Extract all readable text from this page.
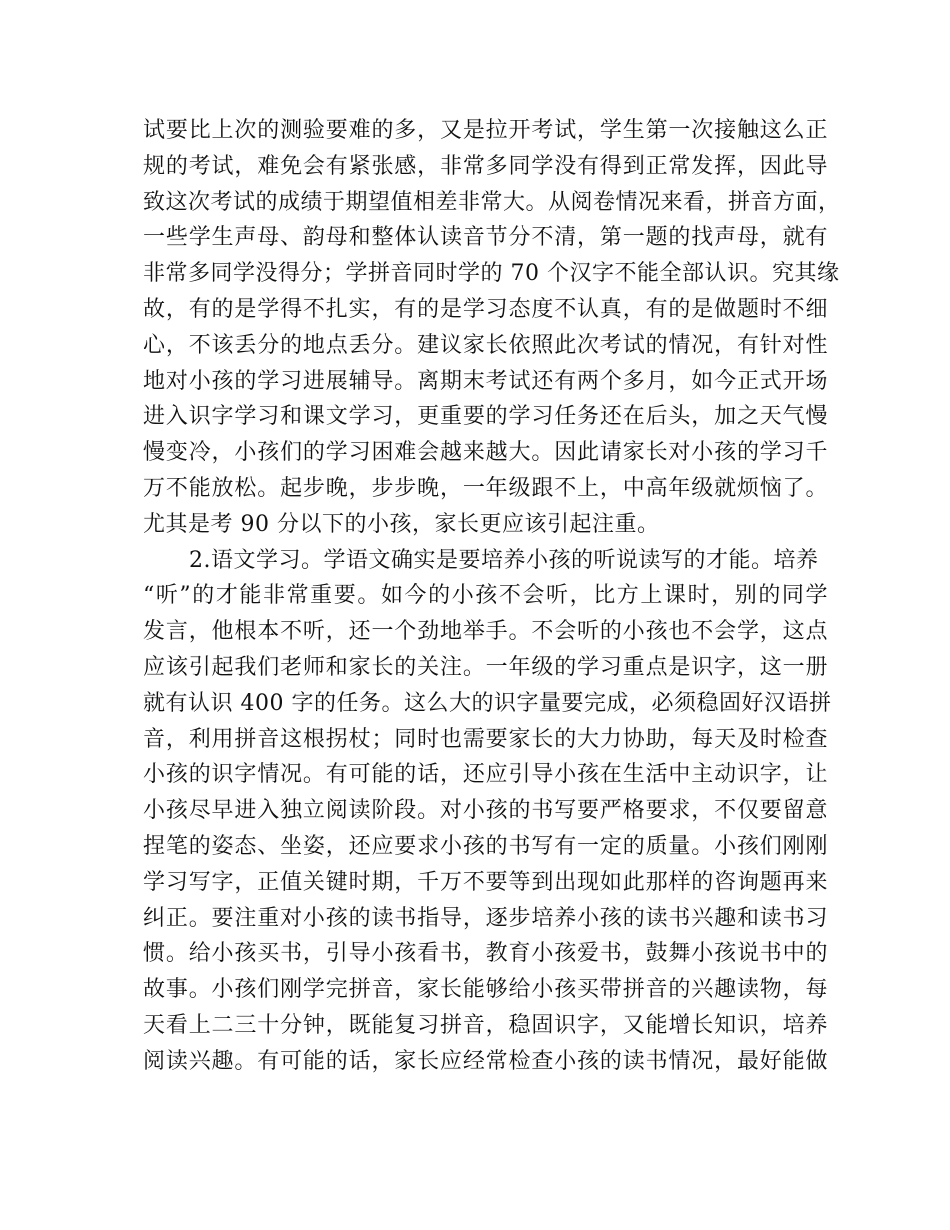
试要比上次的测验要难的多，又是拉开考试，学生第一次接触这么正
规的考试，难免会有紧张感，非常多同学没有得到正常发挥，因此导
致这次考试的成绩于期望值相差非常大。从阅卷情况来看，拼音方面，
一些学生声母、韵母和整体认读音节分不清，第一题的找声母，就有
非常多同学没得分；学拼音同时学的 70 个汉字不能全部认识。究其缘
故，有的是学得不扎实，有的是学习态度不认真，有的是做题时不细
心，不该丢分的地点丢分。建议家长依照此次考试的情况，有针对性
地对小孩的学习进展辅导。离期末考试还有两个多月，如今正式开场
进入识字学习和课文学习，更重要的学习任务还在后头，加之天气慢
慢变冷，小孩们的学习困难会越来越大。因此请家长对小孩的学习千
万不能放松。起步晚，步步晚，一年级跟不上，中高年级就烦恼了。
尤其是考 90 分以下的小孩，家长更应该引起注重。
2.语文学习。学语文确实是要培养小孩的听说读写的才能。培养
“听”的才能非常重要。如今的小孩不会听，比方上课时，别的同学
发言，他根本不听，还一个劲地举手。不会听的小孩也不会学，这点
应该引起我们老师和家长的关注。一年级的学习重点是识字，这一册
就有认识 400 字的任务。这么大的识字量要完成，必须稳固好汉语拼
音，利用拼音这根拐杖；同时也需要家长的大力协助，每天及时检查
小孩的识字情况。有可能的话，还应引导小孩在生活中主动识字，让
小孩尽早进入独立阅读阶段。对小孩的书写要严格要求，不仅要留意
捏笔的姿态、坐姿，还应要求小孩的书写有一定的质量。小孩们刚刚
学习写字，正值关键时期，千万不要等到出现如此那样的咨询题再来
纠正。要注重对小孩的读书指导，逐步培养小孩的读书兴趣和读书习
惯。给小孩买书，引导小孩看书，教育小孩爱书，鼓舞小孩说书中的
故事。小孩们刚学完拼音，家长能够给小孩买带拼音的兴趣读物，每
天看上二三十分钟，既能复习拼音，稳固识字，又能增长知识，培养
阅读兴趣。有可能的话，家长应经常检查小孩的读书情况，最好能做
